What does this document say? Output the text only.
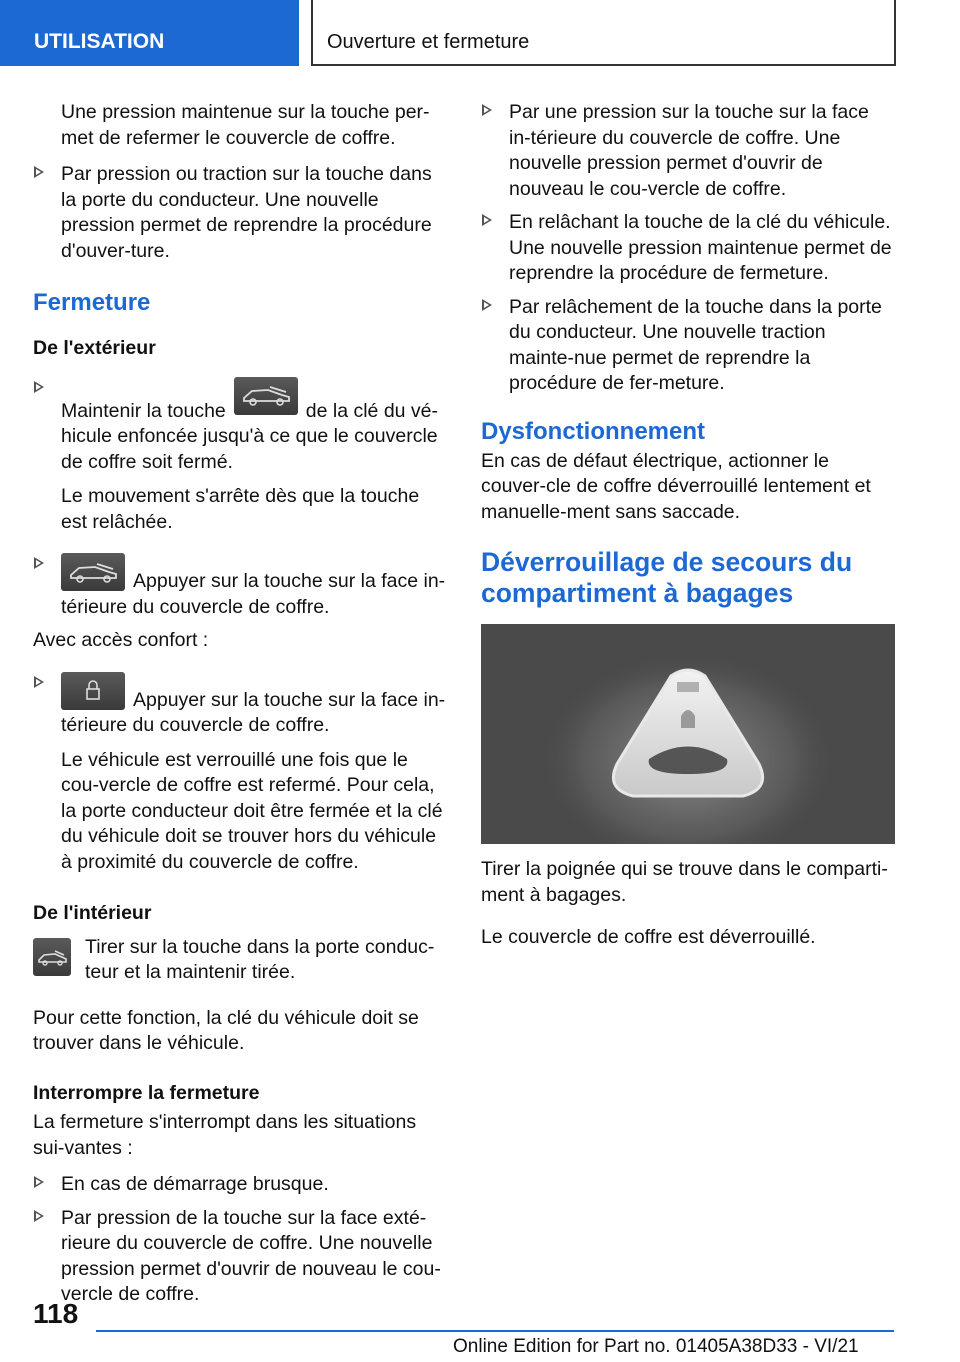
UTILISATION	Ouverture et fermeture

Une pression maintenue sur la touche per-met de refermer le couvercle de coffre.

Par pression ou traction sur la touche dans la porte du conducteur. Une nouvelle pression permet de reprendre la procédure d'ouver-ture.

Fermeture

De l'extérieur

Maintenir la touche	de la clé du vé-hicule enfoncée jusqu'à ce que le couvercle de coffre soit fermé.

Le mouvement s'arrête dès que la touche est relâchée.

Appuyer sur la touche sur la face in-térieure du couvercle de coffre.

Avec accès confort :

Appuyer sur la touche sur la face in-térieure du couvercle de coffre.

Le véhicule est verrouillé une fois que le cou-vercle de coffre est refermé. Pour cela, la porte conducteur doit être fermée et la clé du véhicule doit se trouver hors du véhicule à proximité du couvercle de coffre.

De l'intérieur

Tirer sur la touche dans la porte conduc-teur et la maintenir tirée.

Pour cette fonction, la clé du véhicule doit se trouver dans le véhicule.

Interrompre la fermeture

La fermeture s'interrompt dans les situations sui-vantes :

En cas de démarrage brusque.
Par pression de la touche sur la face exté-rieure du couvercle de coffre. Une nouvelle pression permet d'ouvrir de nouveau le cou-vercle de coffre.
Par une pression sur la touche sur la face in-térieure du couvercle de coffre. Une nouvelle pression permet d'ouvrir de nouveau le cou-vercle de coffre.
En relâchant la touche de la clé du véhicule. Une nouvelle pression maintenue permet de reprendre la procédure de fermeture.
Par relâchement de la touche dans la porte du conducteur. Une nouvelle traction mainte-nue permet de reprendre la procédure de fer-meture.

Dysfonctionnement

En cas de défaut électrique, actionner le couver-cle de coffre déverrouillé lentement et manuelle-ment sans saccade.

Déverrouillage de secours du compartiment à bagages

Tirer la poignée qui se trouve dans le comparti-ment à bagages.

Le couvercle de coffre est déverrouillé.

118
Online Edition for Part no. 01405A38D33 - VI/21
